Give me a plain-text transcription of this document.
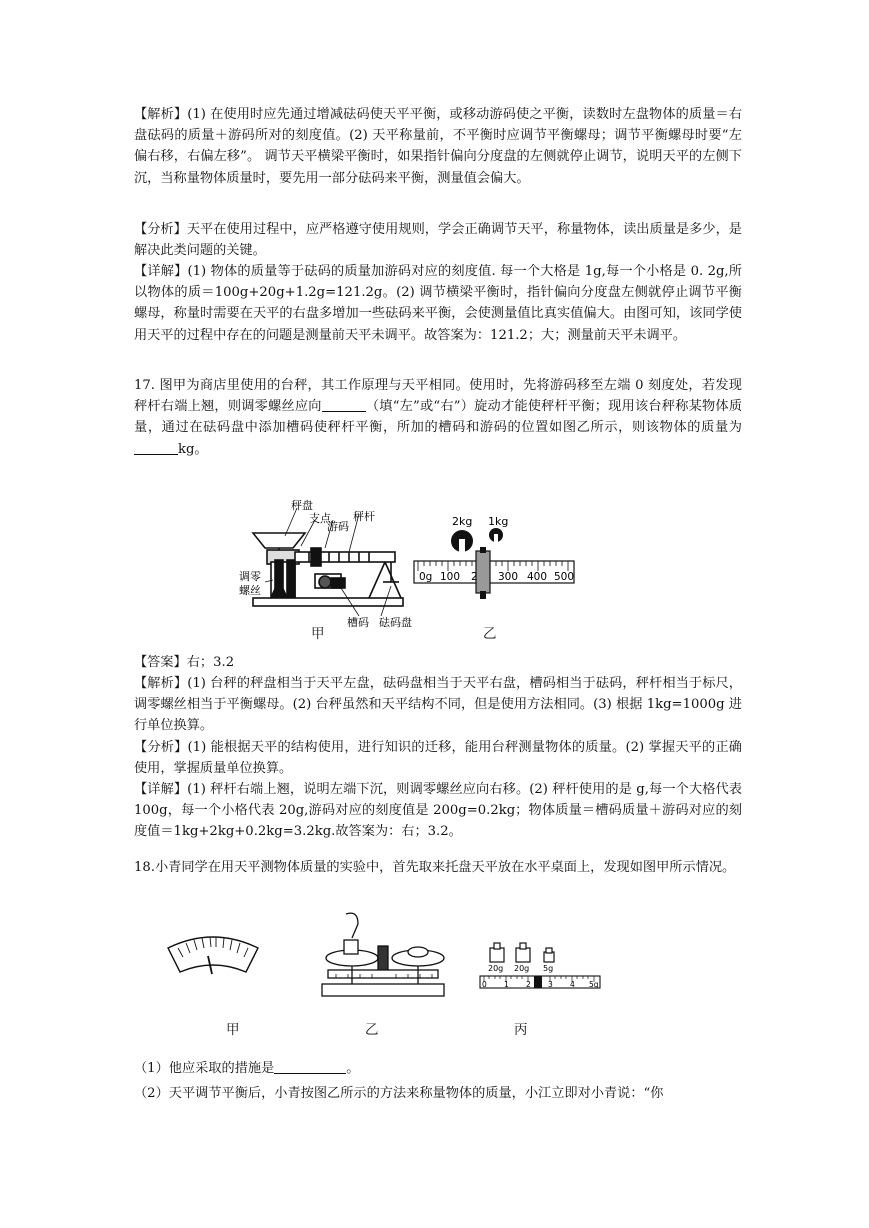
【解析】(1) 在使用时应先通过增减砝码使天平平衡，或移动游码使之平衡，读数时左盘物体的质量＝右盘砝码的质量＋游码所对的刻度值。(2) 天平称量前，不平衡时应调节平衡螺母；调节平衡螺母时要“左偏右移，右偏左移”。 调节天平横梁平衡时，如果指针偏向分度盘的左侧就停止调节，说明天平的左侧下沉，当称量物体质量时，要先用一部分砝码来平衡，测量值会偏大。
【分析】天平在使用过程中，应严格遵守使用规则，学会正确调节天平，称量物体，读出质量是多少，是解决此类问题的关键。
【详解】(1) 物体的质量等于砝码的质量加游码对应的刻度值. 每一个大格是 1g,每一个小格是 0. 2g,所以物体的质＝100g+20g+1.2g=121.2g。(2) 调节横梁平衡时，指针偏向分度盘左侧就停止调节平衡螺母，称量时需要在天平的右盘多增加一些砝码来平衡，会使测量值比真实值偏大。由图可知，该同学使用天平的过程中存在的问题是测量前天平未调平。故答案为：121.2；大；测量前天平未调平。
17. 图甲为商店里使用的台秤，其工作原理与天平相同。使用时，先将游码移至左端 0 刻度处，若发现秤杆右端上翘，则调零螺丝应向	（填“左”或“右”）旋动才能使秤杆平衡；现用该台秤称某物体质量，通过在砝码盘中添加槽码使秤杆平衡，所加的槽码和游码的位置如图乙所示，则该物体的质量为kg。
秤盘
支点
游码
秤杆
调零
螺丝
槽码 砝码盘
甲
2kg 1kg
0g 100 2 300 400 500
乙
【答案】右；3.2
【解析】(1) 台秤的秤盘相当于天平左盘，砝码盘相当于天平右盘，槽码相当于砝码，秤杆相当于标尺，调零螺丝相当于平衡螺母。(2) 台秤虽然和天平结构不同，但是使用方法相同。(3) 根据 1kg=1000g 进行单位换算。
【分析】(1) 能根据天平的结构使用，进行知识的迁移，能用台秤测量物体的质量。(2) 掌握天平的正确使用，掌握质量单位换算。
【详解】(1) 秤杆右端上翘，说明左端下沉，则调零螺丝应向右移。(2) 秤杆使用的是 g,每一个大格代表 100g，每一个小格代表 20g,游码对应的刻度值是 200g=0.2kg；物体质量＝槽码质量＋游码对应的刻度值＝1kg+2kg+0.2kg=3.2kg.故答案为：右；3.2。
18.小青同学在用天平测物体质量的实验中，首先取来托盘天平放在水平桌面上，发现如图甲所示情况。
甲	乙
20g 20g 5g
0 1 2 3 4 5g
丙
（1）他应采取的措施是	。
（2）天平调节平衡后，小青按图乙所示的方法来称量物体的质量，小江立即对小青说：“你
